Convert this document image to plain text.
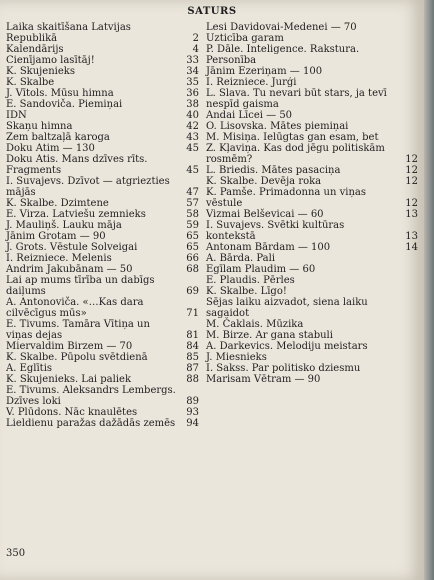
SATURS
Laika skaitīšana Latvijas Republikā	2
Kalendārijs	4
Cienījamo lasītāj!	33
K. Skujenieks	34
K. Skalbe	35
J. Vītols. Mūsu himna	36
E. Sandoviča. Piemiņai	38
IDN	40
Skaņu himna	42
Zem baltzaļā karoga	43
Doku Atim — 130	45
Doku Atis. Mans dzīves rīts. Fragments	45
I. Suvajevs. Dzīvot — atgriezties mājās	47
K. Skalbe. Dzimtene	57
E. Virza. Latviešu zemnieks	58
J. Mauliņš. Lauku māja	59
Jānim Grotam — 90	65
J. Grots. Vēstule Solveigai	65
I. Reizniece. Melenis	66
Andrim Jakubānam — 50	68
Lai ap mums tīrība un dabīgs daiļums	69
A. Antonoviča. «…Kas dara cilvēcīgus mūs»	71
E. Tivums. Tamāra Vītiņa un viņas dejas	81
Miervaldim Birzem — 70	84
K. Skalbe. Pūpolu svētdienā	85
A. Eglītis	87
K. Skujenieks. Lai paliek	88
E. Tivums. Aleksandrs Lembergs. Dzīves loki	89
V. Plūdons. Nāc knaulētes	93
Lieldienu paražas dažādās zemēs	94
Lesi Davidovai-Medenei — 70
Uzticība garam
P. Dāle. Inteligence. Rakstura. Personība
Jānim Ezeriņam — 100
I. Reizniece. Jurģi
L. Slava. Tu nevari būt stars, ja tevī nespīd gaisma
Andai Līcei — 50
O. Lisovska. Mātes piemiņai
M. Misiņa. Ielūgtas gan esam, bet
Z. Kļaviņa. Kas dod jēgu politiskām rosmēm?	12
L. Briedis. Mātes pasaciņa	12
K. Skalbe. Devēja roka	12
K. Pamše. Primadonna un viņas vēstule	12
Vizmai Belševicai — 60	13
I. Suvajevs. Svētki kultūras kontekstā	13
Antonam Bārdam — 100	14
A. Bārda. Pali
Egīlam Plaudim — 60
E. Plaudis. Pērles
K. Skalbe. Līgo!
Sējas laiku aizvadot, siena laiku sagaidot
M. Čaklais. Mūzika
M. Birze. Ar gana stabuli
A. Darkevics. Melodiju meistars
J. Miesnieks
I. Sakss. Par politisko dziesmu
Marisam Vētram — 90
350
